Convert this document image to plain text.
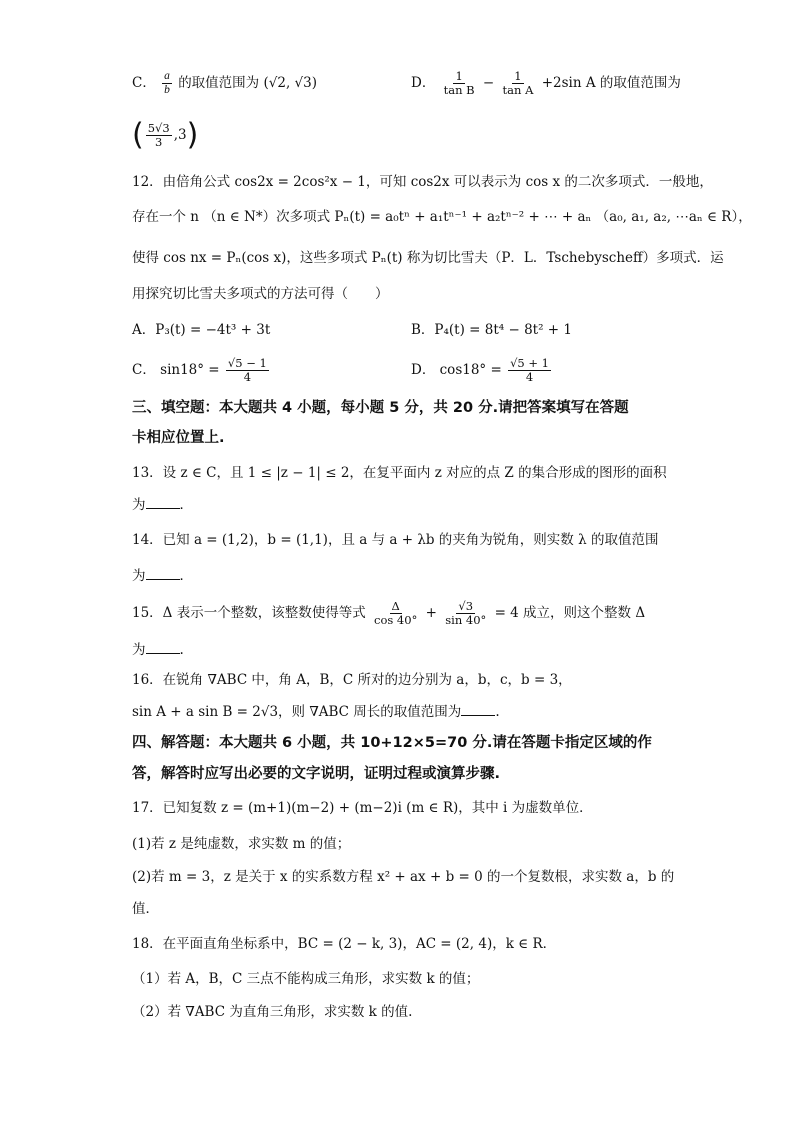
C． $\frac{a}{b}$ 的取值范围为 (√2, √3)	D． $\frac{1}{\text{tan B}} - \frac{1}{\text{tan A}} +2\sin$ A 的取值范围为
( $\frac{5√3}{3} ,3$)
12．由倍角公式 cos2x = 2cos²x − 1，可知 cos2x 可以表示为 cos x 的二次多项式．一般地，
存在一个 n （n ∈ N*）次多项式 Pₙ(t) = a₀tⁿ + a₁tⁿ⁻¹ + a₂tⁿ⁻² + ⋯ + aₙ （a₀, a₁, a₂, ⋯aₙ ∈ R），
使得 cos nx = Pₙ(cos x)，这些多项式 Pₙ(t) 称为切比雪夫（P．L．Tschebyscheff）多项式．运
用探究切比雪夫多项式的方法可得（　　）
A．P₃(t) = −4t³ + 3t	B．P₄(t) = 8t⁴ − 8t² + 1
C． $\sin 18^\circ = \frac{√5 - 1}{4}$	D． $\cos 18^\circ = \frac{√5 + 1}{4}$
三、填空题：本大题共 4 小题，每小题 5 分，共 20 分.请把答案填写在答题
卡相应位置上.
13．设 z ∈ C，且 1 ≤ |z − 1| ≤ 2，在复平面内 z 对应的点 Z 的集合形成的图形的面积
为	．
14．已知 a = (1,2)，b = (1,1)，且 a 与 a + λb 的夹角为锐角，则实数 λ 的取值范围
为	．
15．Δ 表示一个整数，该整数使得等式 $\frac{\Delta}{\cos 40^\circ} + \frac{√3}{\sin 40^\circ} = 4$ 成立，则这个整数 Δ
为	.
16．在锐角 ∇ABC 中，角 A，B，C 所对的边分别为 a，b，c，b = 3，
sin A + a sin B = 2√3，则 ∇ABC 周长的取值范围为	.
四、解答题：本大题共 6 小题，共 10+12×5=70 分.请在答题卡指定区域的作
答，解答时应写出必要的文字说明，证明过程或演算步骤.
17．已知复数 z = (m+1)(m−2) + (m−2)i (m ∈ R)，其中 i 为虚数单位．
(1)若 z 是纯虚数，求实数 m 的值；
(2)若 m = 3，z 是关于 x 的实系数方程 x² + ax + b = 0 的一个复数根，求实数 a，b 的
值．
18．在平面直角坐标系中，BC = (2 − k, 3)，AC = (2, 4)，k ∈ R．
（1）若 A，B，C 三点不能构成三角形，求实数 k 的值；
（2）若 ∇ABC 为直角三角形，求实数 k 的值.
